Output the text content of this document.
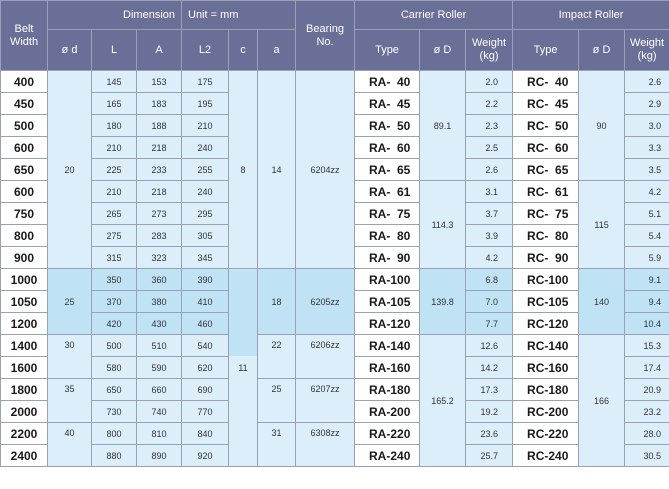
Belt Width	Dimension			Unit = mm			Bearing No.	Carrier Roller			Impact Roller		
	ø d	L	A	L2	c	a		Type	ø D	Weight (kg)	Type	ø D	Weight (kg)
400	20	145	153	175	8	14	6204zz	RA-  40	89.1	2.0	RC-  40	90	2.6
450		165	183	195				RA-  45		2.2	RC-  45		2.9
500		180	188	210				RA-  50		2.3	RC-  50		3.0
600		210	218	240				RA-  60		2.5	RC-  60		3.3
650		225	233	255				RA-  65		2.6	RC-  65		3.5
600		210	218	240				RA-  61	114.3	3.1	RC-  61	115	4.2
750		265	273	295				RA-  75		3.7	RC-  75		5.1
800		275	283	305				RA-  80		3.9	RC-  80		5.4
900		315	323	345				RA-  90		4.2	RC-  90		5.9
1000	25	350	360	390	11	18	6205zz	RA-100	139.8	6.8	RC-100	140	9.1
1050		370	380	410				RA-105		7.0	RC-105		9.4
1200		420	430	460				RA-120		7.7	RC-120		10.4
1400	30	500	510	540		22	6206zz	RA-140	165.2	12.6	RC-140	166	15.3
1600		580	590	620				RA-160		14.2	RC-160		17.4
1800	35	650	660	690		25	6207zz	RA-180		17.3	RC-180		20.9
2000		730	740	770				RA-200		19.2	RC-200		23.2
2200	40	800	810	840		31	6308zz	RA-220		23.6	RC-220		28.0
2400		880	890	920				RA-240		25.7	RC-240		30.5
